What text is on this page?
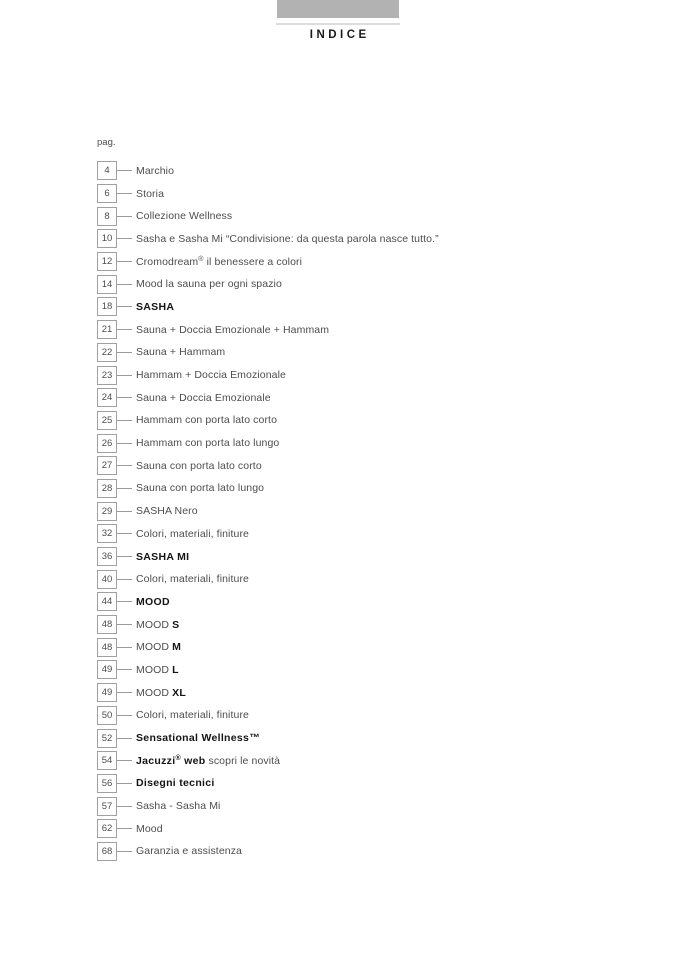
INDICE
pag.
4	Marchio
6	Storia
8	Collezione Wellness
10	Sasha e Sasha Mi “Condivisione: da questa parola nasce tutto.”
12	Cromodream® il benessere a colori
14	Mood la sauna per ogni spazio
18	SASHA
21	Sauna + Doccia Emozionale + Hammam
22	Sauna + Hammam
23	Hammam + Doccia Emozionale
24	Sauna + Doccia Emozionale
25	Hammam con porta lato corto
26	Hammam con porta lato lungo
27	Sauna con porta lato corto
28	Sauna con porta lato lungo
29	SASHA Nero
32	Colori, materiali, finiture
36	SASHA MI
40	Colori, materiali, finiture
44	MOOD
48	MOOD S
48	MOOD M
49	MOOD L
49	MOOD XL
50	Colori, materiali, finiture
52	Sensational Wellness™
54	Jacuzzi® web scopri le novità
56	Disegni tecnici
57	Sasha - Sasha Mi
62	Mood
68	Garanzia e assistenza
